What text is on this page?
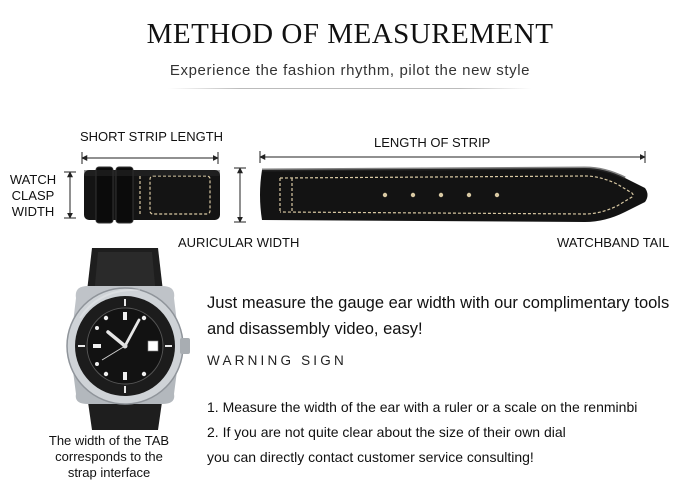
METHOD OF MEASUREMENT
Experience the fashion rhythm, pilot the new style
SHORT STRIP LENGTH	LENGTH OF STRIP
WATCH CLASP WIDTH
AURICULAR WIDTH	WATCHBAND TAIL
Just measure the gauge ear width with our complimentary tools and disassembly video, easy!
WARNING SIGN
1. Measure the width of the ear with a ruler or a scale on the renminbi
2. If you are not quite clear about the size of their own dial
you can directly contact customer service consulting!
The width of the TAB corresponds to the strap interface
